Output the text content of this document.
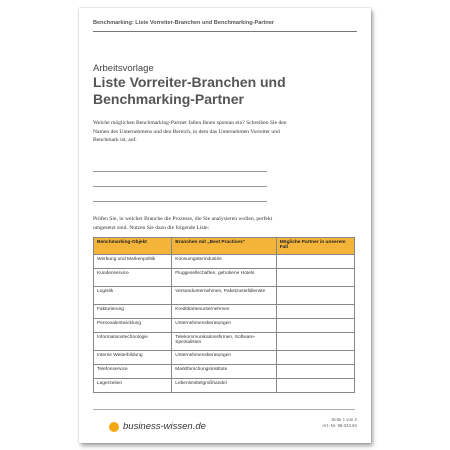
Benchmarking: Liste Vorreiter-Branchen und Benchmarking-Partner
Arbeitsvorlage
Liste Vorreiter-Branchen und Benchmarking-Partner
Welche möglichen Benchmarking-Partner fallen Ihnen spontan ein? Schreiben Sie den Namen des Unternehmens und den Bereich, in dem das Unternehmen Vorreiter und Benchmark ist, auf.
Prüfen Sie, in welcher Branche die Prozesse, die Sie analysieren wollen, perfekt umgesetzt sind. Nutzen Sie dazu die folgende Liste:
Benchmarking-Objekt	Branchen mit „Best Practices“	Mögliche Partner in unserem Fall
Werbung und Markenpolitik	Konsumgüterindustrie	
Kundenservice	Fluggesellschaften, gehobene Hotels	
Logistik	Versandunternehmen, Paketzustelldienste	
Fakturierung	Kreditkartenunternehmen	
Personalentwicklung	Unternehmensberatungen	
Informationstechnologie	Telekommunikationsfirmen, Software-Spezialisten	
Interne Weiterbildung	Unternehmensberatungen	
Telefonservice	Marktforschungsinstitute	
Lagerzeiten	Lebensmittelgroßhandel	
business-wissen.de
Seite 1 von 2
Art.-Nr. 98.043.84
